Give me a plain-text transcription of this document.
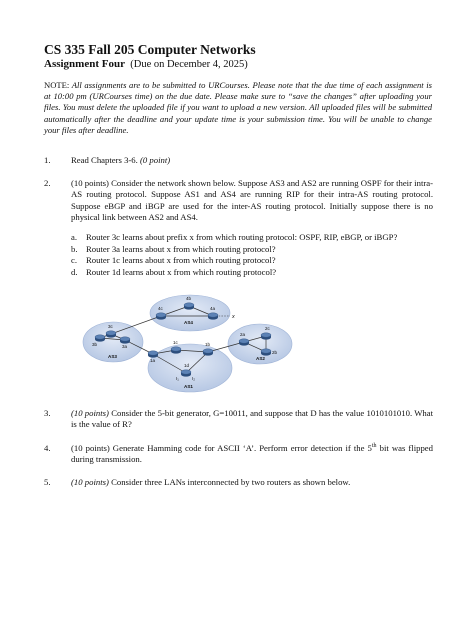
CS 335 Fall 205 Computer Networks
Assignment Four (Due on December 4, 2025)
NOTE: All assignments are to be submitted to URCourses. Please note that the due time of each assignment is at 10:00 pm (URCourses time) on the due date. Please make sure to “save the changes” after uploading your files. You must delete the uploaded file if you want to upload a new version. All uploaded files will be submitted automatically after the deadline and your update time is your submission time. You will be unable to change your files after deadline.
1. Read Chapters 3-6. (0 point)
2. (10 points) Consider the network shown below. Suppose AS3 and AS2 are running OSPF for their intra-AS routing protocol. Suppose AS1 and AS4 are running RIP for their intra-AS routing protocol. Suppose eBGP and iBGP are used for the inter-AS routing protocol. Initially suppose there is no physical link between AS2 and AS4.
a. Router 3c learns about prefix x from which routing protocol: OSPF, RIP, eBGP, or iBGP?
b. Router 3a learns about x from which routing protocol?
c. Router 1c learns about x from which routing protocol?
d. Router 1d learns about x from which routing protocol?
3c
3b	3a
4c
4b
4a
1a
1c	1b
1d
2a
2c
2b
I₁	I₂
x
AS3
AS4
AS1
AS2
3. (10 points) Consider the 5-bit generator, G=10011, and suppose that D has the value 1010101010. What is the value of R?
4. (10 points) Generate Hamming code for ASCII ‘A’. Perform error detection if the 5th bit was flipped during transmission.
5. (10 points) Consider three LANs interconnected by two routers as shown below.
